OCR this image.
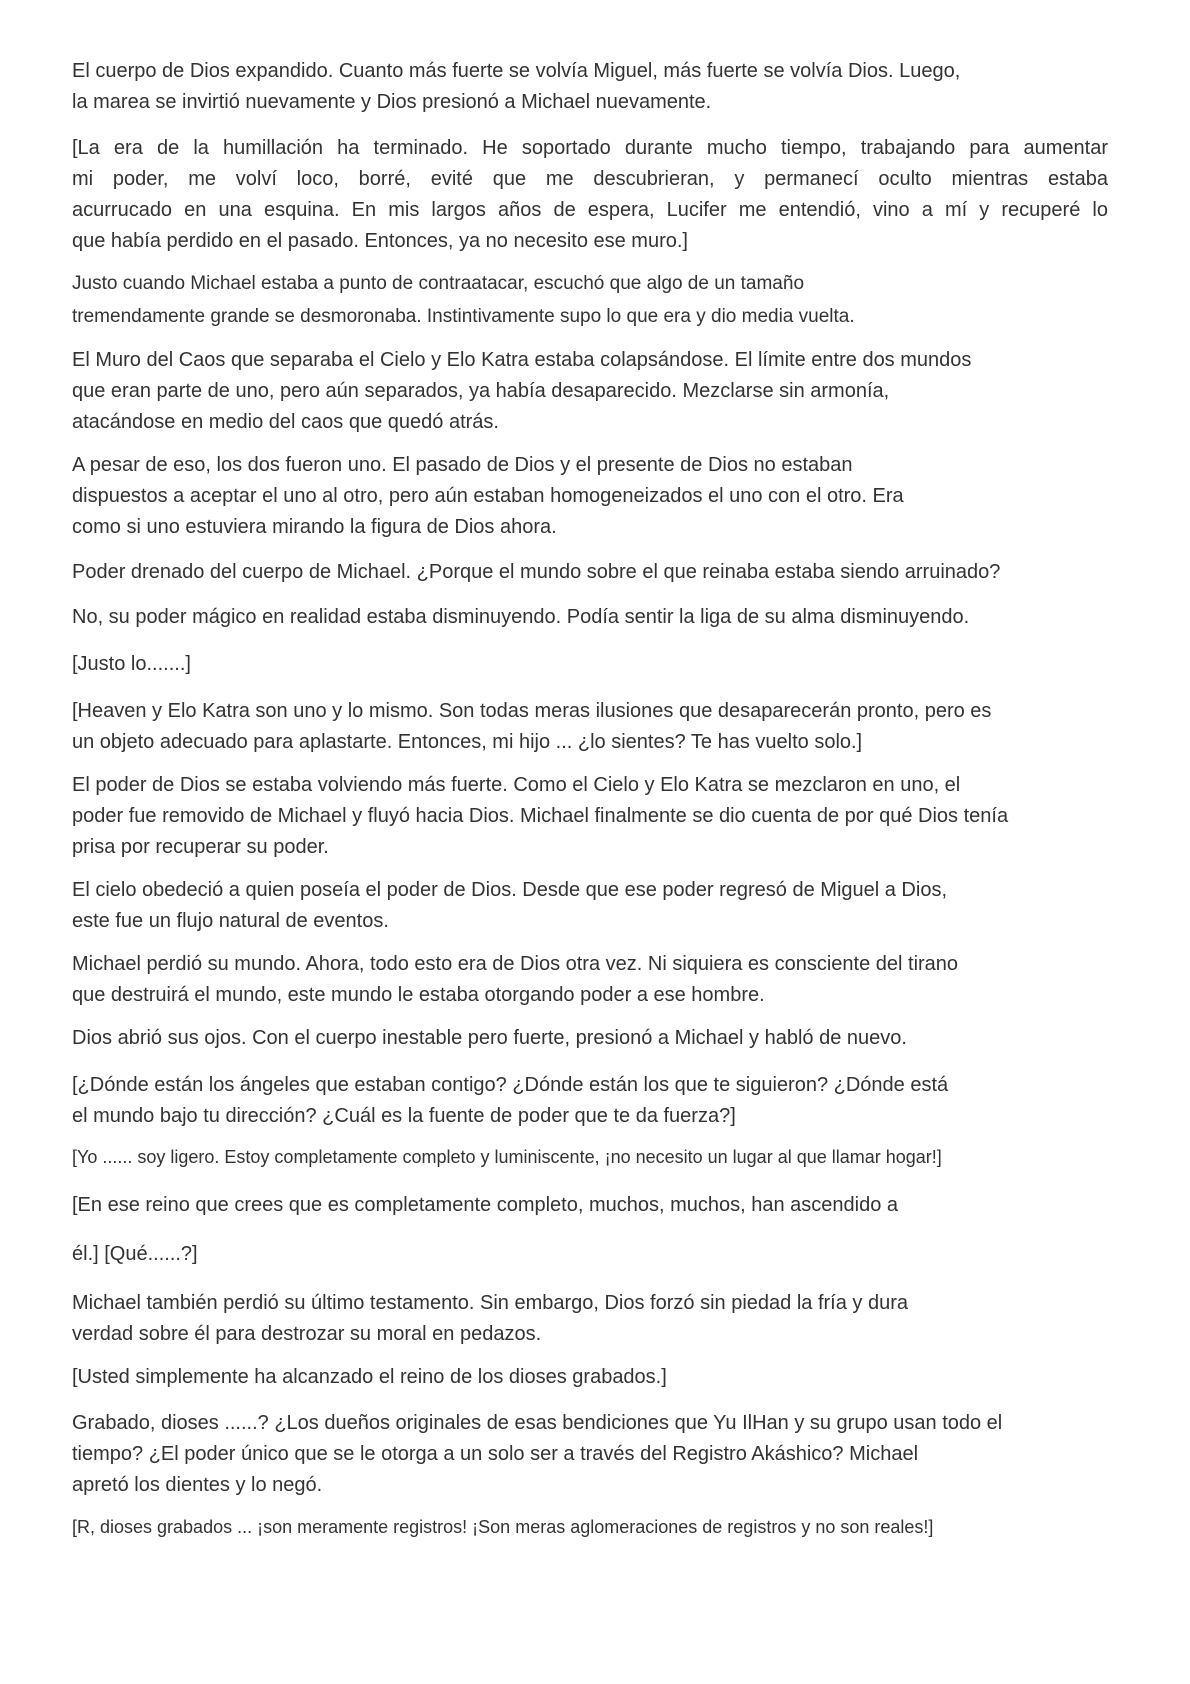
El cuerpo de Dios expandido. Cuanto más fuerte se volvía Miguel, más fuerte se volvía Dios. Luego,
la marea se invirtió nuevamente y Dios presionó a Michael nuevamente.

[La era de la humillación ha terminado. He soportado durante mucho tiempo, trabajando para aumentar
mi poder, me volví loco, borré, evité que me descubrieran, y permanecí oculto mientras estaba
acurrucado en una esquina. En mis largos años de espera, Lucifer me entendió, vino a mí y recuperé lo
que había perdido en el pasado. Entonces, ya no necesito ese muro.]

Justo cuando Michael estaba a punto de contraatacar, escuchó que algo de un tamaño
tremendamente grande se desmoronaba. Instintivamente supo lo que era y dio media vuelta.

El Muro del Caos que separaba el Cielo y Elo Katra estaba colapsándose. El límite entre dos mundos
que eran parte de uno, pero aún separados, ya había desaparecido. Mezclarse sin armonía,
atacándose en medio del caos que quedó atrás.

A pesar de eso, los dos fueron uno. El pasado de Dios y el presente de Dios no estaban
dispuestos a aceptar el uno al otro, pero aún estaban homogeneizados el uno con el otro. Era
como si uno estuviera mirando la figura de Dios ahora.

Poder drenado del cuerpo de Michael. ¿Porque el mundo sobre el que reinaba estaba siendo arruinado?

No, su poder mágico en realidad estaba disminuyendo. Podía sentir la liga de su alma disminuyendo.

[Justo lo.......]

[Heaven y Elo Katra son uno y lo mismo. Son todas meras ilusiones que desaparecerán pronto, pero es
un objeto adecuado para aplastarte. Entonces, mi hijo ... ¿lo sientes? Te has vuelto solo.]

El poder de Dios se estaba volviendo más fuerte. Como el Cielo y Elo Katra se mezclaron en uno, el
poder fue removido de Michael y fluyó hacia Dios. Michael finalmente se dio cuenta de por qué Dios tenía
prisa por recuperar su poder.

El cielo obedeció a quien poseía el poder de Dios. Desde que ese poder regresó de Miguel a Dios,
este fue un flujo natural de eventos.

Michael perdió su mundo. Ahora, todo esto era de Dios otra vez. Ni siquiera es consciente del tirano
que destruirá el mundo, este mundo le estaba otorgando poder a ese hombre.

Dios abrió sus ojos. Con el cuerpo inestable pero fuerte, presionó a Michael y habló de nuevo.

[¿Dónde están los ángeles que estaban contigo? ¿Dónde están los que te siguieron? ¿Dónde está
el mundo bajo tu dirección? ¿Cuál es la fuente de poder que te da fuerza?]

[Yo ...... soy ligero. Estoy completamente completo y luminiscente, ¡no necesito un lugar al que llamar hogar!]

[En ese reino que crees que es completamente completo, muchos, muchos, han ascendido a

él.] [Qué......?]

Michael también perdió su último testamento. Sin embargo, Dios forzó sin piedad la fría y dura
verdad sobre él para destrozar su moral en pedazos.

[Usted simplemente ha alcanzado el reino de los dioses grabados.]

Grabado, dioses ......? ¿Los dueños originales de esas bendiciones que Yu IlHan y su grupo usan todo el
tiempo? ¿El poder único que se le otorga a un solo ser a través del Registro Akáshico? Michael
apretó los dientes y lo negó.

[R, dioses grabados ... ¡son meramente registros! ¡Son meras aglomeraciones de registros y no son reales!]
